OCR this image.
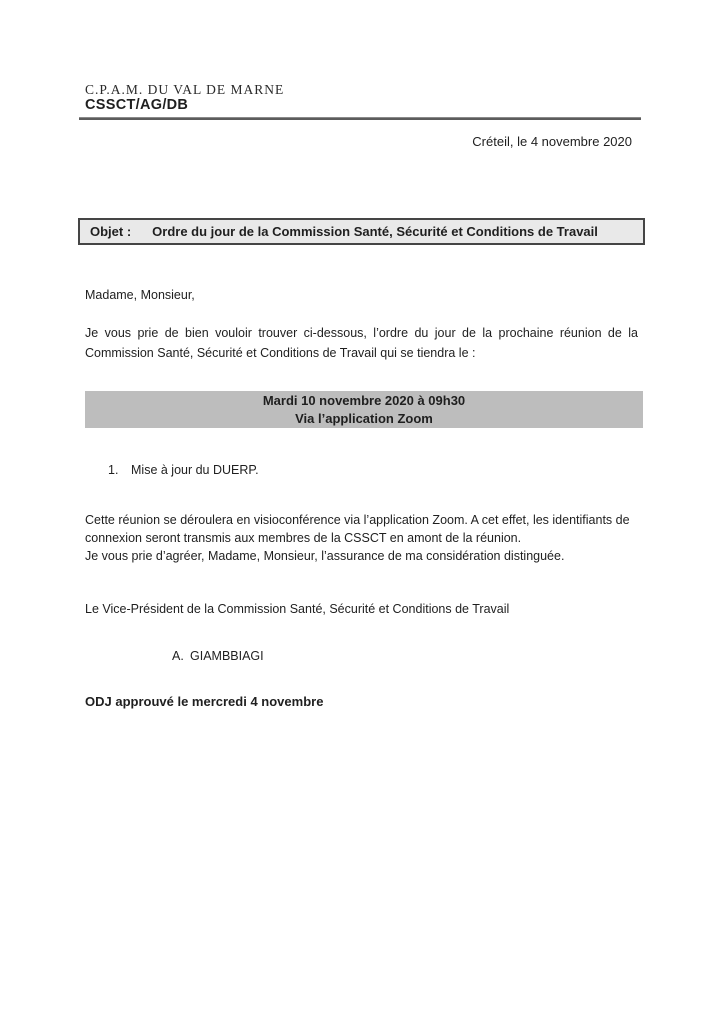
C.P.A.M. DU VAL DE MARNE
CSSCT/AG/DB
Créteil, le 4 novembre 2020
Objet : Ordre du jour de la Commission Santé, Sécurité et Conditions de Travail
Madame, Monsieur,
Je vous prie de bien vouloir trouver ci-dessous, l’ordre du jour de la prochaine réunion de la Commission Santé, Sécurité et Conditions de Travail qui se tiendra le :
Mardi 10 novembre 2020 à 09h30
Via l’application Zoom
1.	Mise à jour du DUERP.

Cette réunion se déroulera en visioconférence via l’application Zoom. A cet effet, les identifiants de connexion seront transmis aux membres de la CSSCT en amont de la réunion.

Je vous prie d’agréer, Madame, Monsieur, l’assurance de ma considération distinguée.

Le Vice-Président de la Commission Santé, Sécurité et Conditions de Travail
A. GIAMBBIAGI
ODJ approuvé le mercredi 4 novembre
